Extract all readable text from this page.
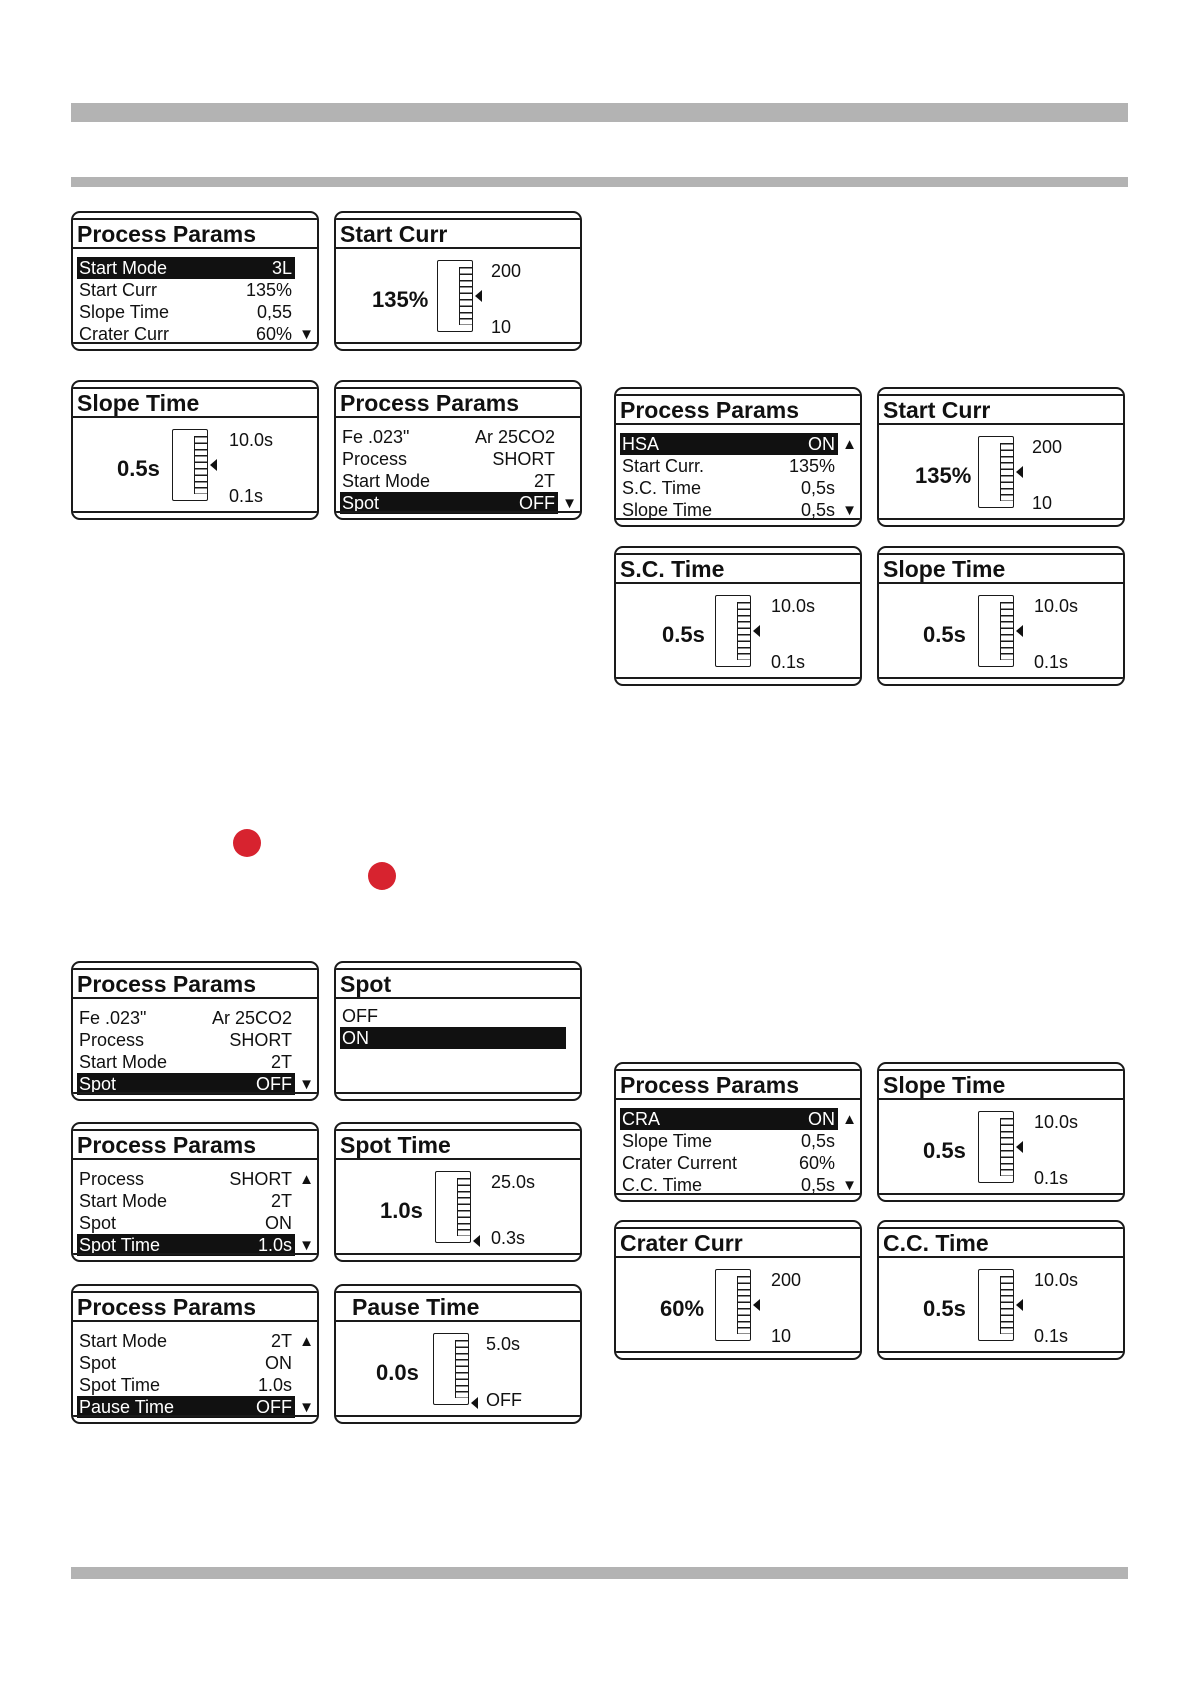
Process Params
Start Mode	3L
Start Curr	135%
Slope Time	0,55
Crater Curr	60% ▼
Start Curr
135%
200
10
Slope Time
0.5s
10.0s
0.1s
Process Params
Fe .023"	Ar 25CO2
Process	SHORT
Start Mode	2T
Spot	OFF ▼
Process Params
HSA	ON
Start Curr.	135%
S.C. Time	0,5s
Slope Time	0,5s
▲
▼
Start Curr
135%
200
10
S.C. Time
0.5s
10.0s
0.1s
Slope Time
0.5s
10.0s
0.1s
Process Params
Fe .023"	Ar 25CO2
Process	SHORT
Start Mode	2T
Spot	OFF ▼
Spot
OFF
ON
Process Params
Process	SHORT
Start Mode	2T
Spot	ON
Spot Time	1.0s
▲
▼
Spot Time
1.0s
25.0s
0.3s
Process Params
Start Mode	2T
Spot	ON
Spot Time	1.0s
Pause Time	OFF
▲
▼
Pause Time
0.0s
5.0s
OFF
Process Params
CRA	ON
Slope Time	0,5s
Crater Current	60%
C.C. Time	0,5s
▲
▼
Slope Time
0.5s
10.0s
0.1s
Crater Curr
60%
200
10
C.C. Time
0.5s
10.0s
0.1s
